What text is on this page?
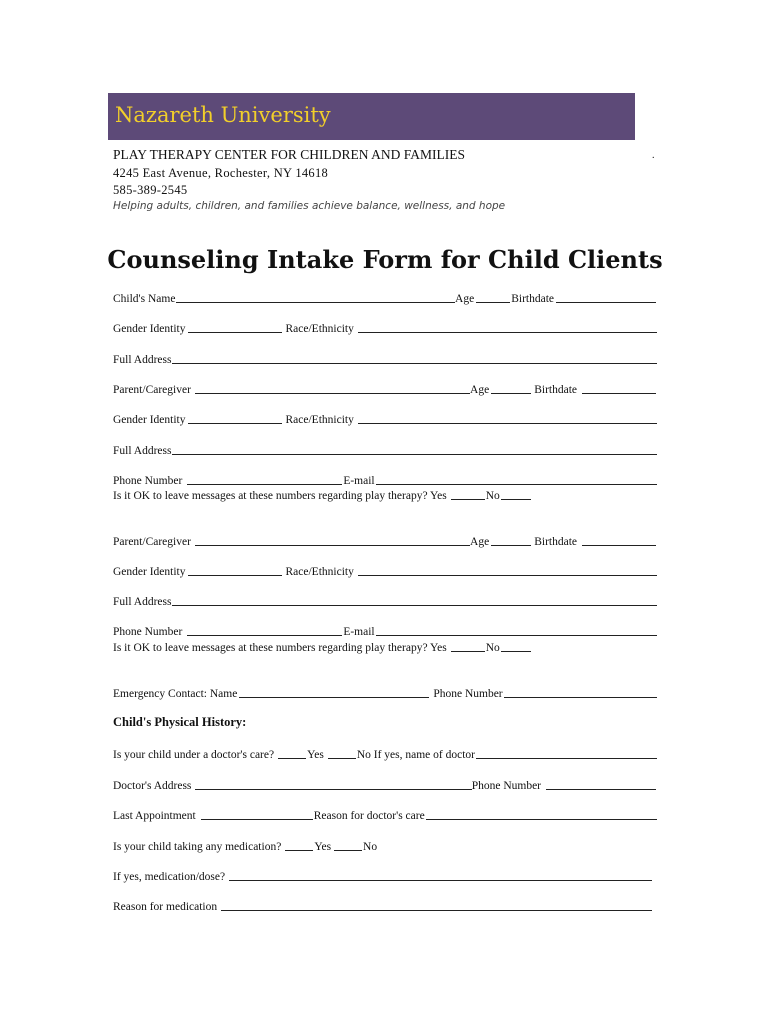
Nazareth University
PLAY THERAPY CENTER FOR CHILDREN AND FAMILIES	.
4245 East Avenue, Rochester, NY 14618
585-389-2545
Helping adults, children, and families achieve balance, wellness, and hope
Counseling Intake Form for Child Clients
Child's Name	Age	Birthdate
Gender Identity	Race/Ethnicity
Full Address
Parent/Caregiver	Age	Birthdate
Gender Identity	Race/Ethnicity
Full Address
Phone Number	E-mail
Is it OK to leave messages at these numbers regarding play therapy? Yes	No
Parent/Caregiver	Age	Birthdate
Gender Identity	Race/Ethnicity
Full Address
Phone Number	E-mail
Is it OK to leave messages at these numbers regarding play therapy? Yes	No
Emergency Contact: Name	Phone Number
Child's Physical History:
Is your child under a doctor's care?	Yes	No If yes, name of doctor
Doctor's Address	Phone Number
Last Appointment	Reason for doctor's care
Is your child taking any medication?	Yes	No
If yes, medication/dose?
Reason for medication
